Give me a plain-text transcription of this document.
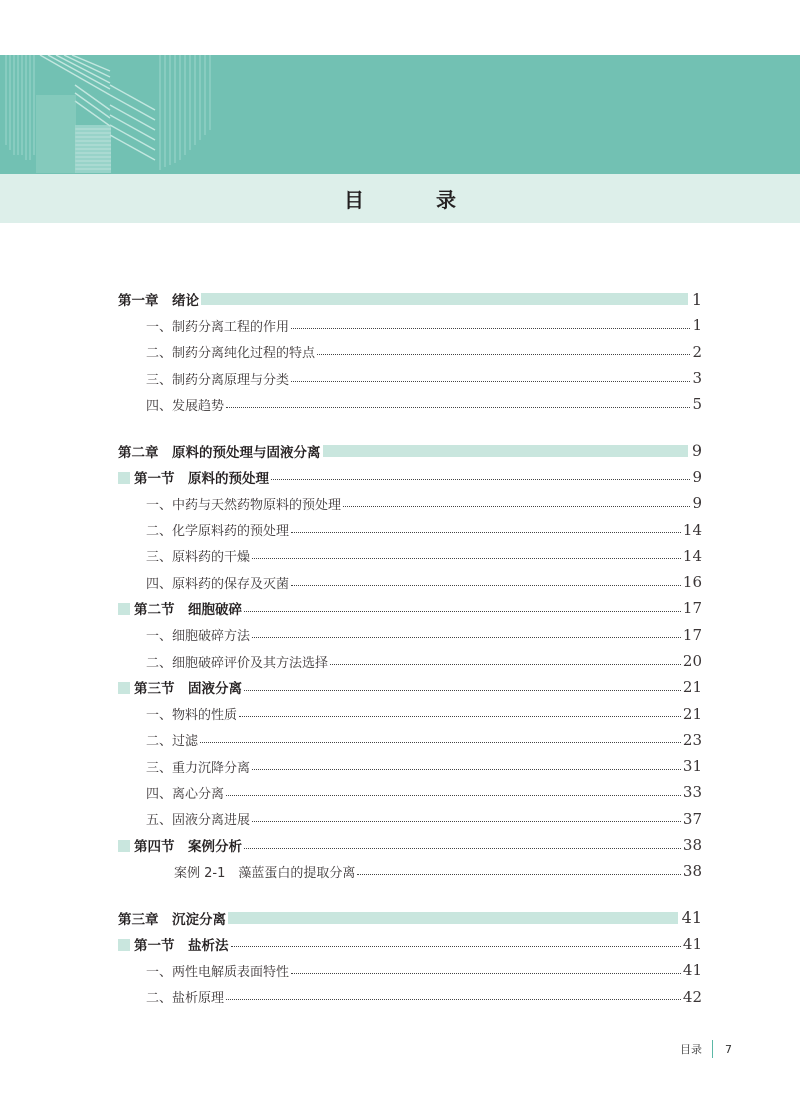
目　录
第一章　绪论	1
一、制药分离工程的作用	1
二、制药分离纯化过程的特点	2
三、制药分离原理与分类	3
四、发展趋势	5
第二章　原料的预处理与固液分离	9
第一节　原料的预处理	9
一、中药与天然药物原料的预处理	9
二、化学原料药的预处理	14
三、原料药的干燥	14
四、原料药的保存及灭菌	16
第二节　细胞破碎	17
一、细胞破碎方法	17
二、细胞破碎评价及其方法选择	20
第三节　固液分离	21
一、物料的性质	21
二、过滤	23
三、重力沉降分离	31
四、离心分离	33
五、固液分离进展	37
第四节　案例分析	38
案例 2-1　藻蓝蛋白的提取分离	38
第三章　沉淀分离	41
第一节　盐析法	41
一、两性电解质表面特性	41
二、盐析原理	42
目录 7
